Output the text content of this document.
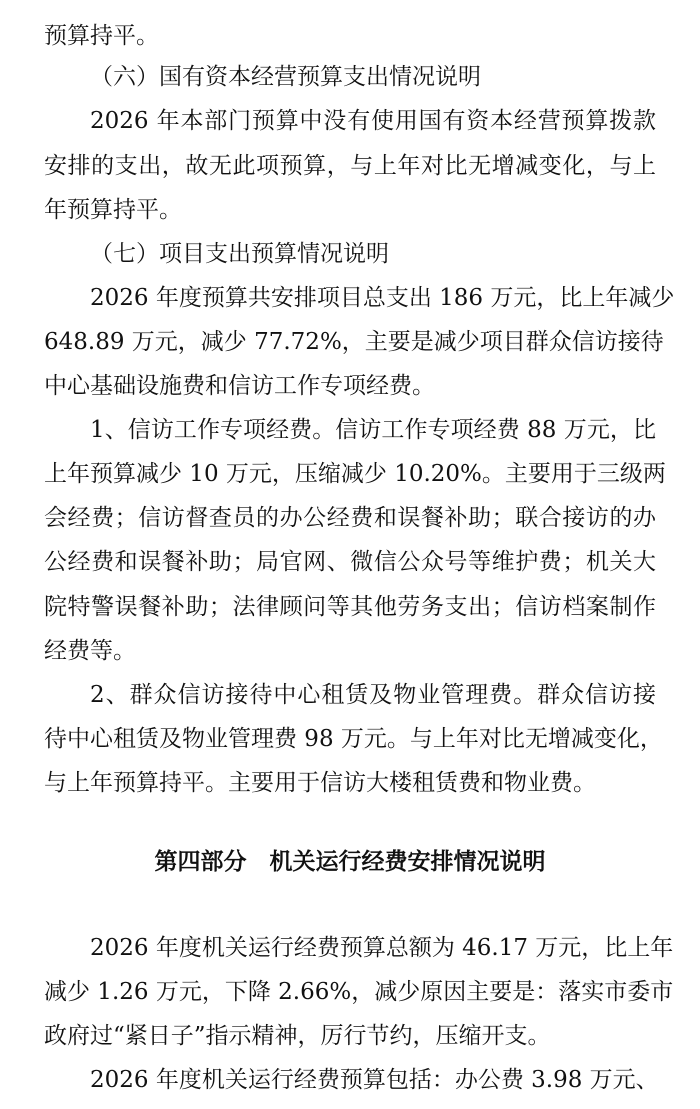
预算持平。
（六）国有资本经营预算支出情况说明
2026 年本部门预算中没有使用国有资本经营预算拨款
安排的支出，故无此项预算，与上年对比无增减变化，与上
年预算持平。
（七）项目支出预算情况说明
2026 年度预算共安排项目总支出 186 万元，比上年减少
648.89 万元，减少 77.72%，主要是减少项目群众信访接待
中心基础设施费和信访工作专项经费。
1、信访工作专项经费。信访工作专项经费 88 万元，比
上年预算减少 10 万元，压缩减少 10.20%。主要用于三级两
会经费；信访督查员的办公经费和误餐补助；联合接访的办
公经费和误餐补助；局官网、微信公众号等维护费；机关大
院特警误餐补助；法律顾问等其他劳务支出；信访档案制作
经费等。
2、群众信访接待中心租赁及物业管理费。群众信访接
待中心租赁及物业管理费 98 万元。与上年对比无增减变化，
与上年预算持平。主要用于信访大楼租赁费和物业费。
第四部分　机关运行经费安排情况说明
2026 年度机关运行经费预算总额为 46.17 万元，比上年
减少 1.26 万元，下降 2.66%，减少原因主要是：落实市委市
政府过“紧日子”指示精神，厉行节约，压缩开支。
2026 年度机关运行经费预算包括：办公费 3.98 万元、
